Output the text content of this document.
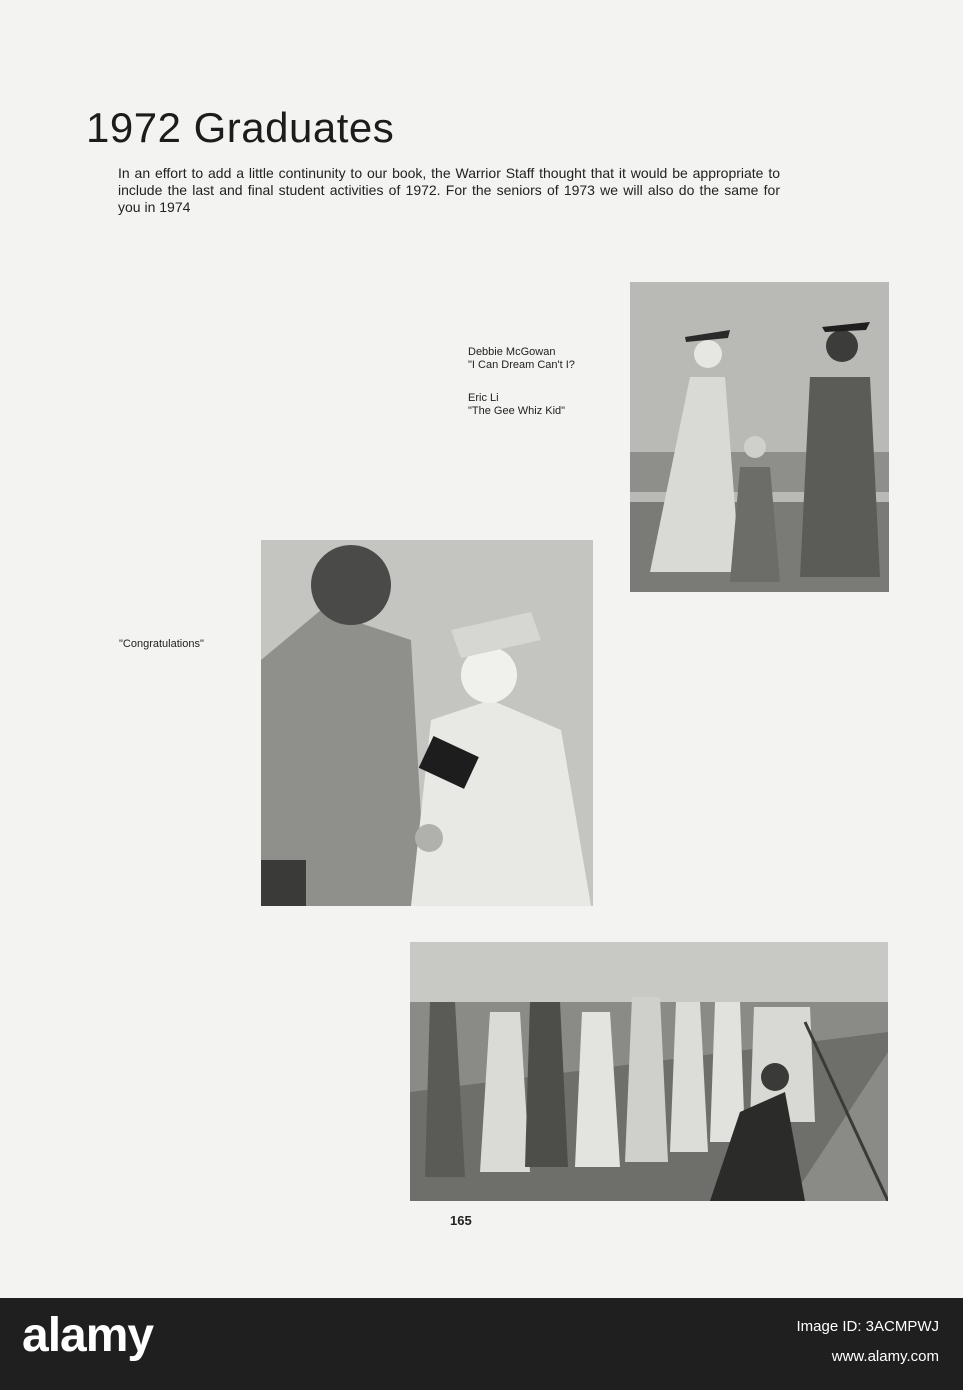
1972 Graduates

In an effort to add a little continunity to our book, the Warrior Staff thought that it would be appropriate to include the last and final student activities of 1972. For the seniors of 1973 we will also do the same for you in 1974

Debbie McGowan
"I Can Dream Can't I?
Eric Li
"The Gee Whiz Kid"
"Congratulations"
165
alamy	Image ID: 3ACMPWJ
www.alamy.com
